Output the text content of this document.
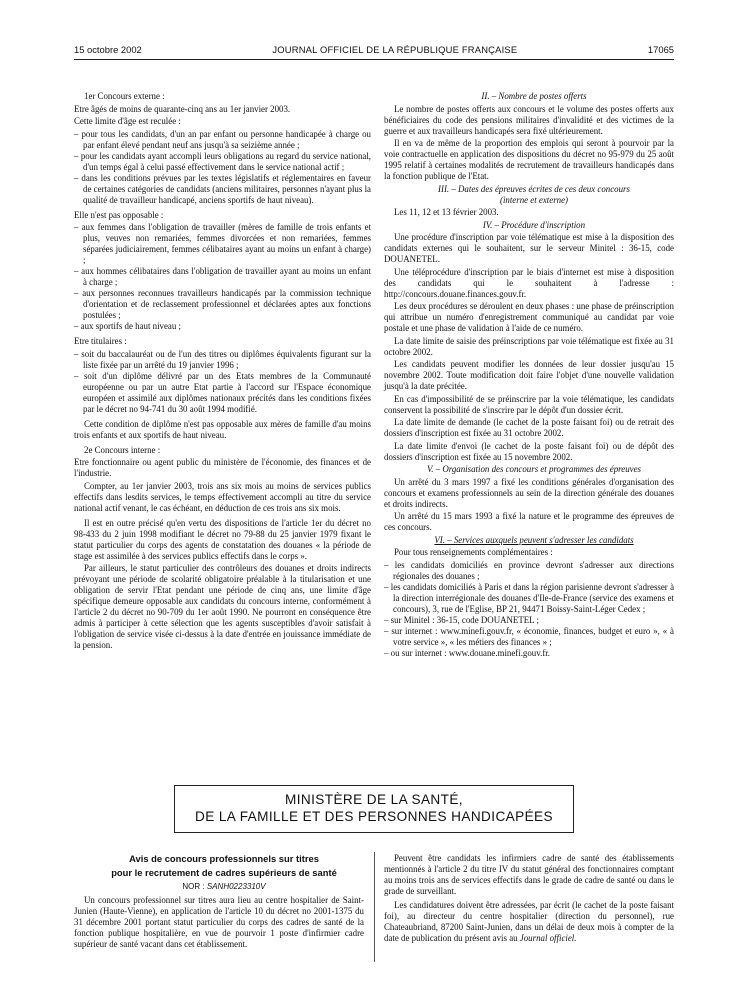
15 octobre 2002	JOURNAL OFFICIEL DE LA RÉPUBLIQUE FRANÇAISE	17065

1er Concours externe :

Etre âgés de moins de quarante-cinq ans au 1er janvier 2003.

Cette limite d'âge est reculée :

– pour tous les candidats, d'un an par enfant ou personne handicapée à charge ou par enfant élevé pendant neuf ans jusqu'à sa seizième année ;
– pour les candidats ayant accompli leurs obligations au regard du service national, d'un temps égal à celui passé effectivement dans le service national actif ;
– dans les conditions prévues par les textes législatifs et réglementaires en faveur de certaines catégories de candidats (anciens militaires, personnes n'ayant plus la qualité de travailleur handicapé, anciens sportifs de haut niveau).

Elle n'est pas opposable :

– aux femmes dans l'obligation de travailler (mères de famille de trois enfants et plus, veuves non remariées, femmes divorcées et non remariées, femmes séparées judiciairement, femmes célibataires ayant au moins un enfant à charge) ;
– aux hommes célibataires dans l'obligation de travailler ayant au moins un enfant à charge ;
– aux personnes reconnues travailleurs handicapés par la commission technique d'orientation et de reclassement professionnel et déclarées aptes aux fonctions postulées ;
– aux sportifs de haut niveau ;

Etre titulaires :

– soit du baccalauréat ou de l'un des titres ou diplômes équivalents figurant sur la liste fixée par un arrêté du 19 janvier 1996 ;
– soit d'un diplôme délivré par un des Etats membres de la Communauté européenne ou par un autre Etat partie à l'accord sur l'Espace économique européen et assimilé aux diplômes nationaux précités dans les conditions fixées par le décret no 94-741 du 30 août 1994 modifié.

Cette condition de diplôme n'est pas opposable aux mères de famille d'au moins trois enfants et aux sportifs de haut niveau.

2e Concours interne :

Etre fonctionnaire ou agent public du ministère de l'économie, des finances et de l'industrie.

Compter, au 1er janvier 2003, trois ans six mois au moins de services publics effectifs dans lesdits services, le temps effectivement accompli au titre du service national actif venant, le cas échéant, en déduction de ces trois ans six mois.

Il est en outre précisé qu'en vertu des dispositions de l'article 1er du décret no 98-433 du 2 juin 1998 modifiant le décret no 79-88 du 25 janvier 1979 fixant le statut particulier du corps des agents de constatation des douanes « la période de stage est assimilée à des services publics effectifs dans le corps ».

Par ailleurs, le statut particulier des contrôleurs des douanes et droits indirects prévoyant une période de scolarité obligatoire préalable à la titularisation et une obligation de servir l'Etat pendant une période de cinq ans, une limite d'âge spécifique demeure opposable aux candidats du concours interne, conformément à l'article 2 du décret no 90-709 du 1er août 1990. Ne pourront en conséquence être admis à participer à cette sélection que les agents susceptibles d'avoir satisfait à l'obligation de service visée ci-dessus à la date d'entrée en jouissance immédiate de la pension.

II. – Nombre de postes offerts

Le nombre de postes offerts aux concours et le volume des postes offerts aux bénéficiaires du code des pensions militaires d'invalidité et des victimes de la guerre et aux travailleurs handicapés sera fixé ultérieurement.

Il en va de même de la proportion des emplois qui seront à pourvoir par la voie contractuelle en application des dispositions du décret no 95-979 du 25 août 1995 relatif à certaines modalités de recrutement de travailleurs handicapés dans la fonction publique de l'Etat.

III. – Dates des épreuves écrites de ces deux concours

(interne et externe)

Les 11, 12 et 13 février 2003.

IV. – Procédure d'inscription

Une procédure d'inscription par voie télématique est mise à la disposition des candidats externes qui le souhaitent, sur le serveur Minitel : 36-15, code DOUANETEL.

Une téléprocédure d'inscription par le biais d'internet est mise à disposition des candidats qui le souhaitent à l'adresse : http://concours.douane.finances.gouv.fr.

Les deux procédures se déroulent en deux phases : une phase de préinscription qui attribue un numéro d'enregistrement communiqué au candidat par voie postale et une phase de validation à l'aide de ce numéro.

La date limite de saisie des préinscriptions par voie télématique est fixée au 31 octobre 2002.

Les candidats peuvent modifier les données de leur dossier jusqu'au 15 novembre 2002. Toute modification doit faire l'objet d'une nouvelle validation jusqu'à la date précitée.

En cas d'impossibilité de se préinscrire par la voie télématique, les candidats conservent la possibilité de s'inscrire par le dépôt d'un dossier écrit.

La date limite de demande (le cachet de la poste faisant foi) ou de retrait des dossiers d'inscription est fixée au 31 octobre 2002.

La date limite d'envoi (le cachet de la poste faisant foi) ou de dépôt des dossiers d'inscription est fixée au 15 novembre 2002.

V. – Organisation des concours et programmes des épreuves

Un arrêté du 3 mars 1997 a fixé les conditions générales d'organisation des concours et examens professionnels au sein de la direction générale des douanes et droits indirects.

Un arrêté du 15 mars 1993 a fixé la nature et le programme des épreuves de ces concours.

VI. – Services auxquels peuvent s'adresser les candidats

Pour tous renseignements complémentaires :

– les candidats domiciliés en province devront s'adresser aux directions régionales des douanes ;
– les candidats domiciliés à Paris et dans la région parisienne devront s'adresser à la direction interrégionale des douanes d'Ile-de-France (service des examens et concours), 3, rue de l'Eglise, BP 21, 94471 Boissy-Saint-Léger Cedex ;
– sur Minitel : 36-15, code DOUANETEL ;
– sur internet : www.minefi.gouv.fr, « économie, finances, budget et euro », « à votre service », « les métiers des finances » ;
– ou sur internet : www.douane.minefi.gouv.fr.
MINISTÈRE DE LA SANTÉ,
DE LA FAMILLE ET DES PERSONNES HANDICAPÉES

Avis de concours professionnels sur titres

pour le recrutement de cadres supérieurs de santé

NOR : SANH0223310V

Un concours professionnel sur titres aura lieu au centre hospitalier de Saint-Junien (Haute-Vienne), en application de l'article 10 du décret no 2001-1375 du 31 décembre 2001 portant statut particulier du corps des cadres de santé de la fonction publique hospitalière, en vue de pourvoir 1 poste d'infirmier cadre supérieur de santé vacant dans cet établissement.

Peuvent être candidats les infirmiers cadre de santé des établissements mentionnés à l'article 2 du titre IV du statut général des fonctionnaires comptant au moins trois ans de services effectifs dans le grade de cadre de santé ou dans le grade de surveillant.

Les candidatures doivent être adressées, par écrit (le cachet de la poste faisant foi), au directeur du centre hospitalier (direction du personnel), rue Chateaubriand, 87200 Saint-Junien, dans un délai de deux mois à compter de la date de publication du présent avis au Journal officiel.
